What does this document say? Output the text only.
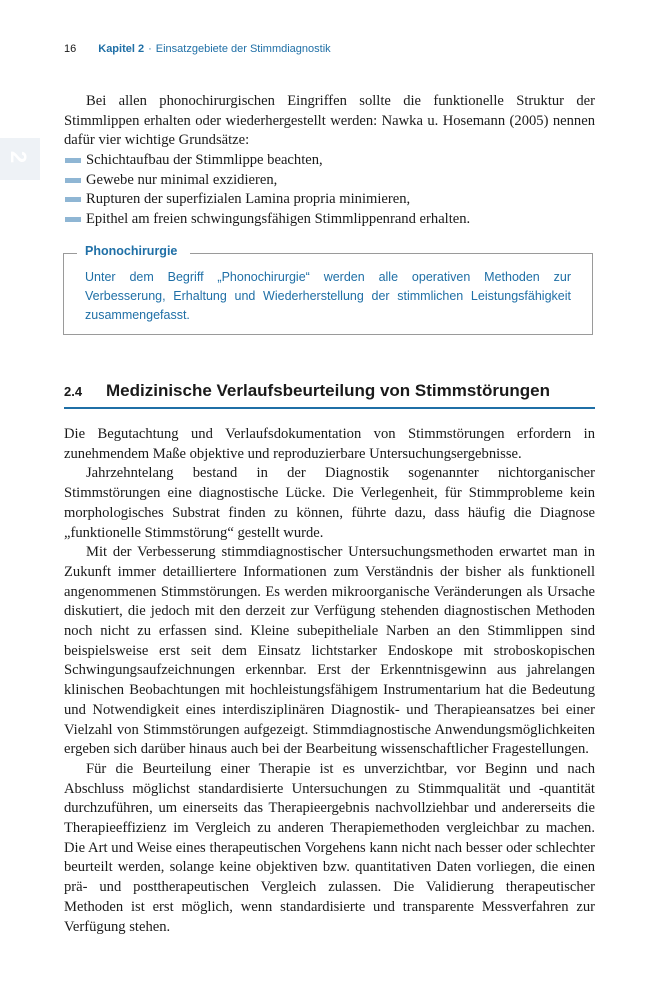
16 Kapitel 2 · Einsatzgebiete der Stimmdiagnostik
2

Bei allen phonochirurgischen Eingriffen sollte die funktionelle Struktur der Stimmlippen erhalten oder wiederhergestellt werden: Nawka u. Hosemann (2005) nennen dafür vier wichtige Grundsätze:

Schichtaufbau der Stimmlippe beachten,
Gewebe nur minimal exzidieren,
Rupturen der superfizialen Lamina propria minimieren,
Epithel am freien schwingungsfähigen Stimmlippenrand erhalten.
Phonochirurgie
Unter dem Begriff „Phonochirurgie“ werden alle operativen Methoden zur Verbesserung, Erhaltung und Wiederherstellung der stimmlichen Leistungsfähigkeit zusammengefasst.
2.4 Medizinische Verlaufsbeurteilung von Stimmstörungen

Die Begutachtung und Verlaufsdokumentation von Stimmstörungen erfordern in zunehmendem Maße objektive und reproduzierbare Untersuchungsergebnisse.

Jahrzehntelang bestand in der Diagnostik sogenannter nichtorganischer Stimmstörungen eine diagnostische Lücke. Die Verlegenheit, für Stimmprobleme kein morphologisches Substrat finden zu können, führte dazu, dass häufig die Diagnose „funktionelle Stimmstörung“ gestellt wurde.

Mit der Verbesserung stimmdiagnostischer Untersuchungsmethoden erwartet man in Zukunft immer detailliertere Informationen zum Verständnis der bisher als funktionell angenommenen Stimmstörungen. Es werden mikroorganische Veränderungen als Ursache diskutiert, die jedoch mit den derzeit zur Verfügung stehenden diagnostischen Methoden noch nicht zu erfassen sind. Kleine subepitheliale Narben an den Stimmlippen sind beispielsweise erst seit dem Einsatz lichtstarker Endoskope mit stroboskopischen Schwingungsaufzeichnungen erkennbar. Erst der Erkenntnisgewinn aus jahrelangen klinischen Beobachtungen mit hochleistungsfähigem Instrumentarium hat die Bedeutung und Notwendigkeit eines interdisziplinären Diagnostik- und Therapieansatzes bei einer Vielzahl von Stimmstörungen aufgezeigt. Stimmdiagnostische Anwendungsmöglichkeiten ergeben sich darüber hinaus auch bei der Bearbeitung wissenschaftlicher Fragestellungen.

Für die Beurteilung einer Therapie ist es unverzichtbar, vor Beginn und nach Abschluss möglichst standardisierte Untersuchungen zu Stimmqualität und -quantität durchzuführen, um einerseits das Therapieergebnis nachvollziehbar und andererseits die Therapieeffizienz im Vergleich zu anderen Therapiemethoden vergleichbar zu machen. Die Art und Weise eines therapeutischen Vorgehens kann nicht nach besser oder schlechter beurteilt werden, solange keine objektiven bzw. quantitativen Daten vorliegen, die einen prä- und posttherapeutischen Vergleich zulassen. Die Validierung therapeutischer Methoden ist erst möglich, wenn standardisierte und transparente Messverfahren zur Verfügung stehen.
